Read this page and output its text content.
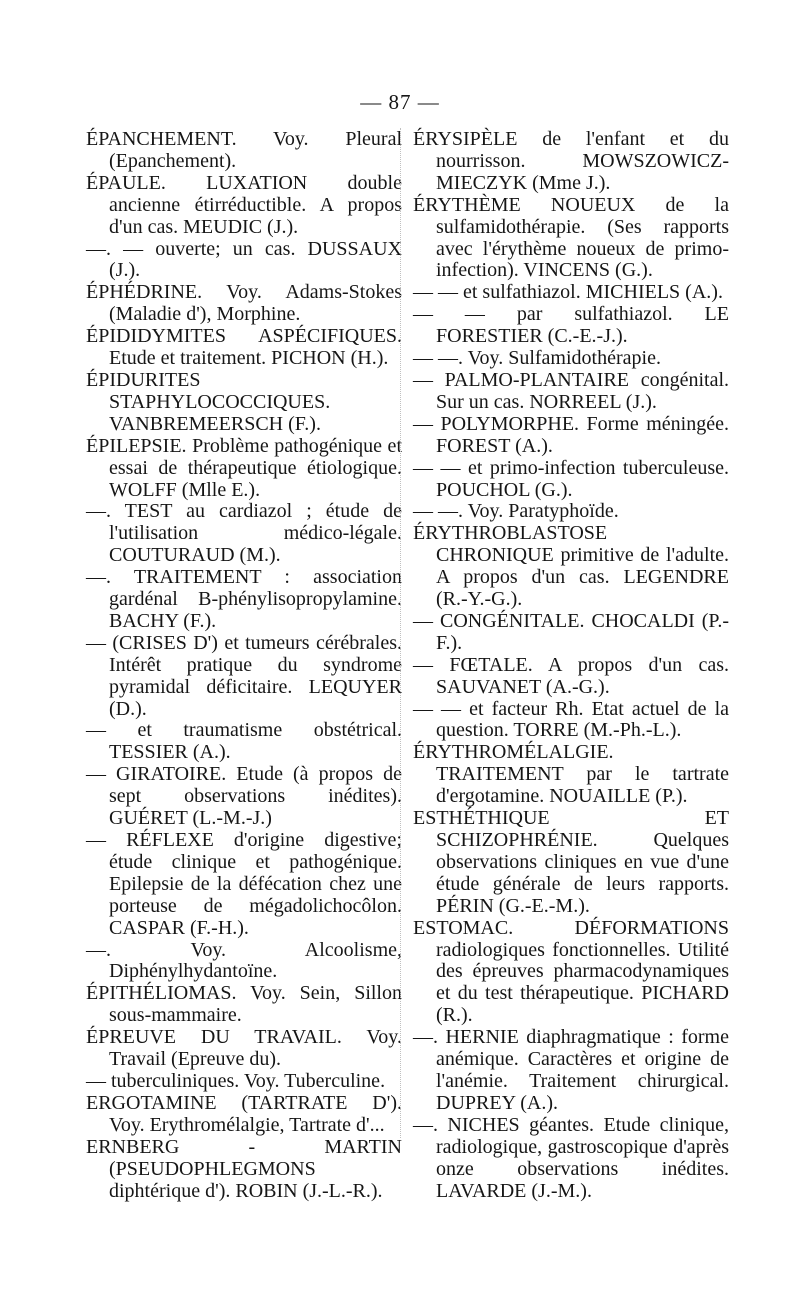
— 87 —

ÉPANCHEMENT. Voy. Pleural (Epanchement).

ÉPAULE. LUXATION double ancienne étirréductible. A propos d'un cas. MEUDIC (J.).

—. — ouverte; un cas. DUSSAUX (J.).

ÉPHÉDRINE. Voy. Adams-Stokes (Maladie d'), Morphine.

ÉPIDIDYMITES ASPÉCIFIQUES. Etude et traitement. PICHON (H.).

ÉPIDURITES STAPHYLOCOCCIQUES. VANBREMEERSCH (F.).

ÉPILEPSIE. Problème pathogénique et essai de thérapeutique étiologique. WOLFF (Mlle E.).

—. TEST au cardiazol ; étude de l'utilisation médico-légale. COUTURAUD (M.).

—. TRAITEMENT : association gardénal B-phénylisopropylamine. BACHY (F.).

— (CRISES D') et tumeurs cérébrales. Intérêt pratique du syndrome pyramidal déficitaire. LEQUYER (D.).

— et traumatisme obstétrical. TESSIER (A.).

— GIRATOIRE. Etude (à propos de sept observations inédites). GUÉRET (L.-M.-J.)

— RÉFLEXE d'origine digestive; étude clinique et pathogénique. Epilepsie de la défécation chez une porteuse de mégadolichocôlon. CASPAR (F.-H.).

—. Voy. Alcoolisme, Diphénylhydantoïne.

ÉPITHÉLIOMAS. Voy. Sein, Sillon sous-mammaire.

ÉPREUVE DU TRAVAIL. Voy. Travail (Epreuve du).

— tuberculiniques. Voy. Tuberculine.

ERGOTAMINE (TARTRATE D'). Voy. Erythromélalgie, Tartrate d'...

ERNBERG - MARTIN (PSEUDOPHLEGMONS diphtérique d'). ROBIN (J.-L.-R.).

ÉRYSIPÈLE de l'enfant et du nourrisson. MOWSZOWICZ-MIECZYK (Mme J.).

ÉRYTHÈME NOUEUX de la sulfamidothérapie. (Ses rapports avec l'érythème noueux de primo-infection). VINCENS (G.).

— — et sulfathiazol. MICHIELS (A.).

— — par sulfathiazol. LE FORESTIER (C.-E.-J.).

— —. Voy. Sulfamidothérapie.

— PALMO-PLANTAIRE congénital. Sur un cas. NORREEL (J.).

— POLYMORPHE. Forme méningée. FOREST (A.).

— — et primo-infection tuberculeuse. POUCHOL (G.).

— —. Voy. Paratyphoïde.

ÉRYTHROBLASTOSE CHRONIQUE primitive de l'adulte. A propos d'un cas. LEGENDRE (R.-Y.-G.).

— CONGÉNITALE. CHOCALDI (P.-F.).

— FŒTALE. A propos d'un cas. SAUVANET (A.-G.).

— — et facteur Rh. Etat actuel de la question. TORRE (M.-Ph.-L.).

ÉRYTHROMÉLALGIE. TRAITEMENT par le tartrate d'ergotamine. NOUAILLE (P.).

ESTHÉTHIQUE ET SCHIZOPHRÉNIE. Quelques observations cliniques en vue d'une étude générale de leurs rapports. PÉRIN (G.-E.-M.).

ESTOMAC. DÉFORMATIONS radiologiques fonctionnelles. Utilité des épreuves pharmacodynamiques et du test thérapeutique. PICHARD (R.).

—. HERNIE diaphragmatique : forme anémique. Caractères et origine de l'anémie. Traitement chirurgical. DUPREY (A.).

—. NICHES géantes. Etude clinique, radiologique, gastroscopique d'après onze observations inédites. LAVARDE (J.-M.).
